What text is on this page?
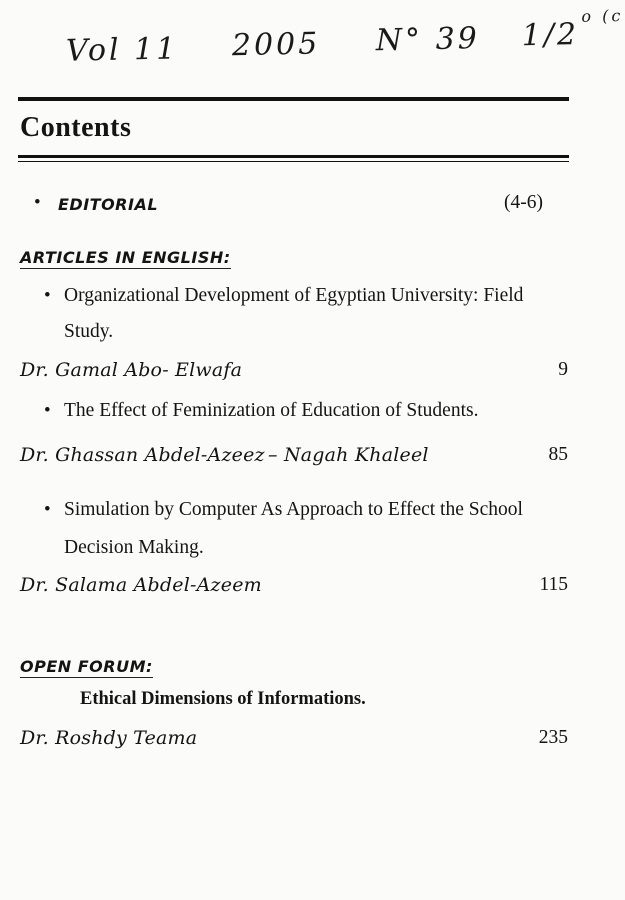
Vol 11 2005 N° 39 1/2
o (c
Contents
• EDITORIAL	(4-6)
ARTICLES IN ENGLISH:
• Organizational Development of Egyptian University: Field
Study.
Dr. Gamal Abo- Elwafa	9
• The Effect of Feminization of Education of Students.
Dr. Ghassan Abdel-Azeez – Nagah Khaleel	85
• Simulation by Computer As Approach to Effect the School
Decision Making.
Dr. Salama Abdel-Azeem	115
OPEN FORUM:
Ethical Dimensions of Informations.
Dr. Roshdy Teama	235
